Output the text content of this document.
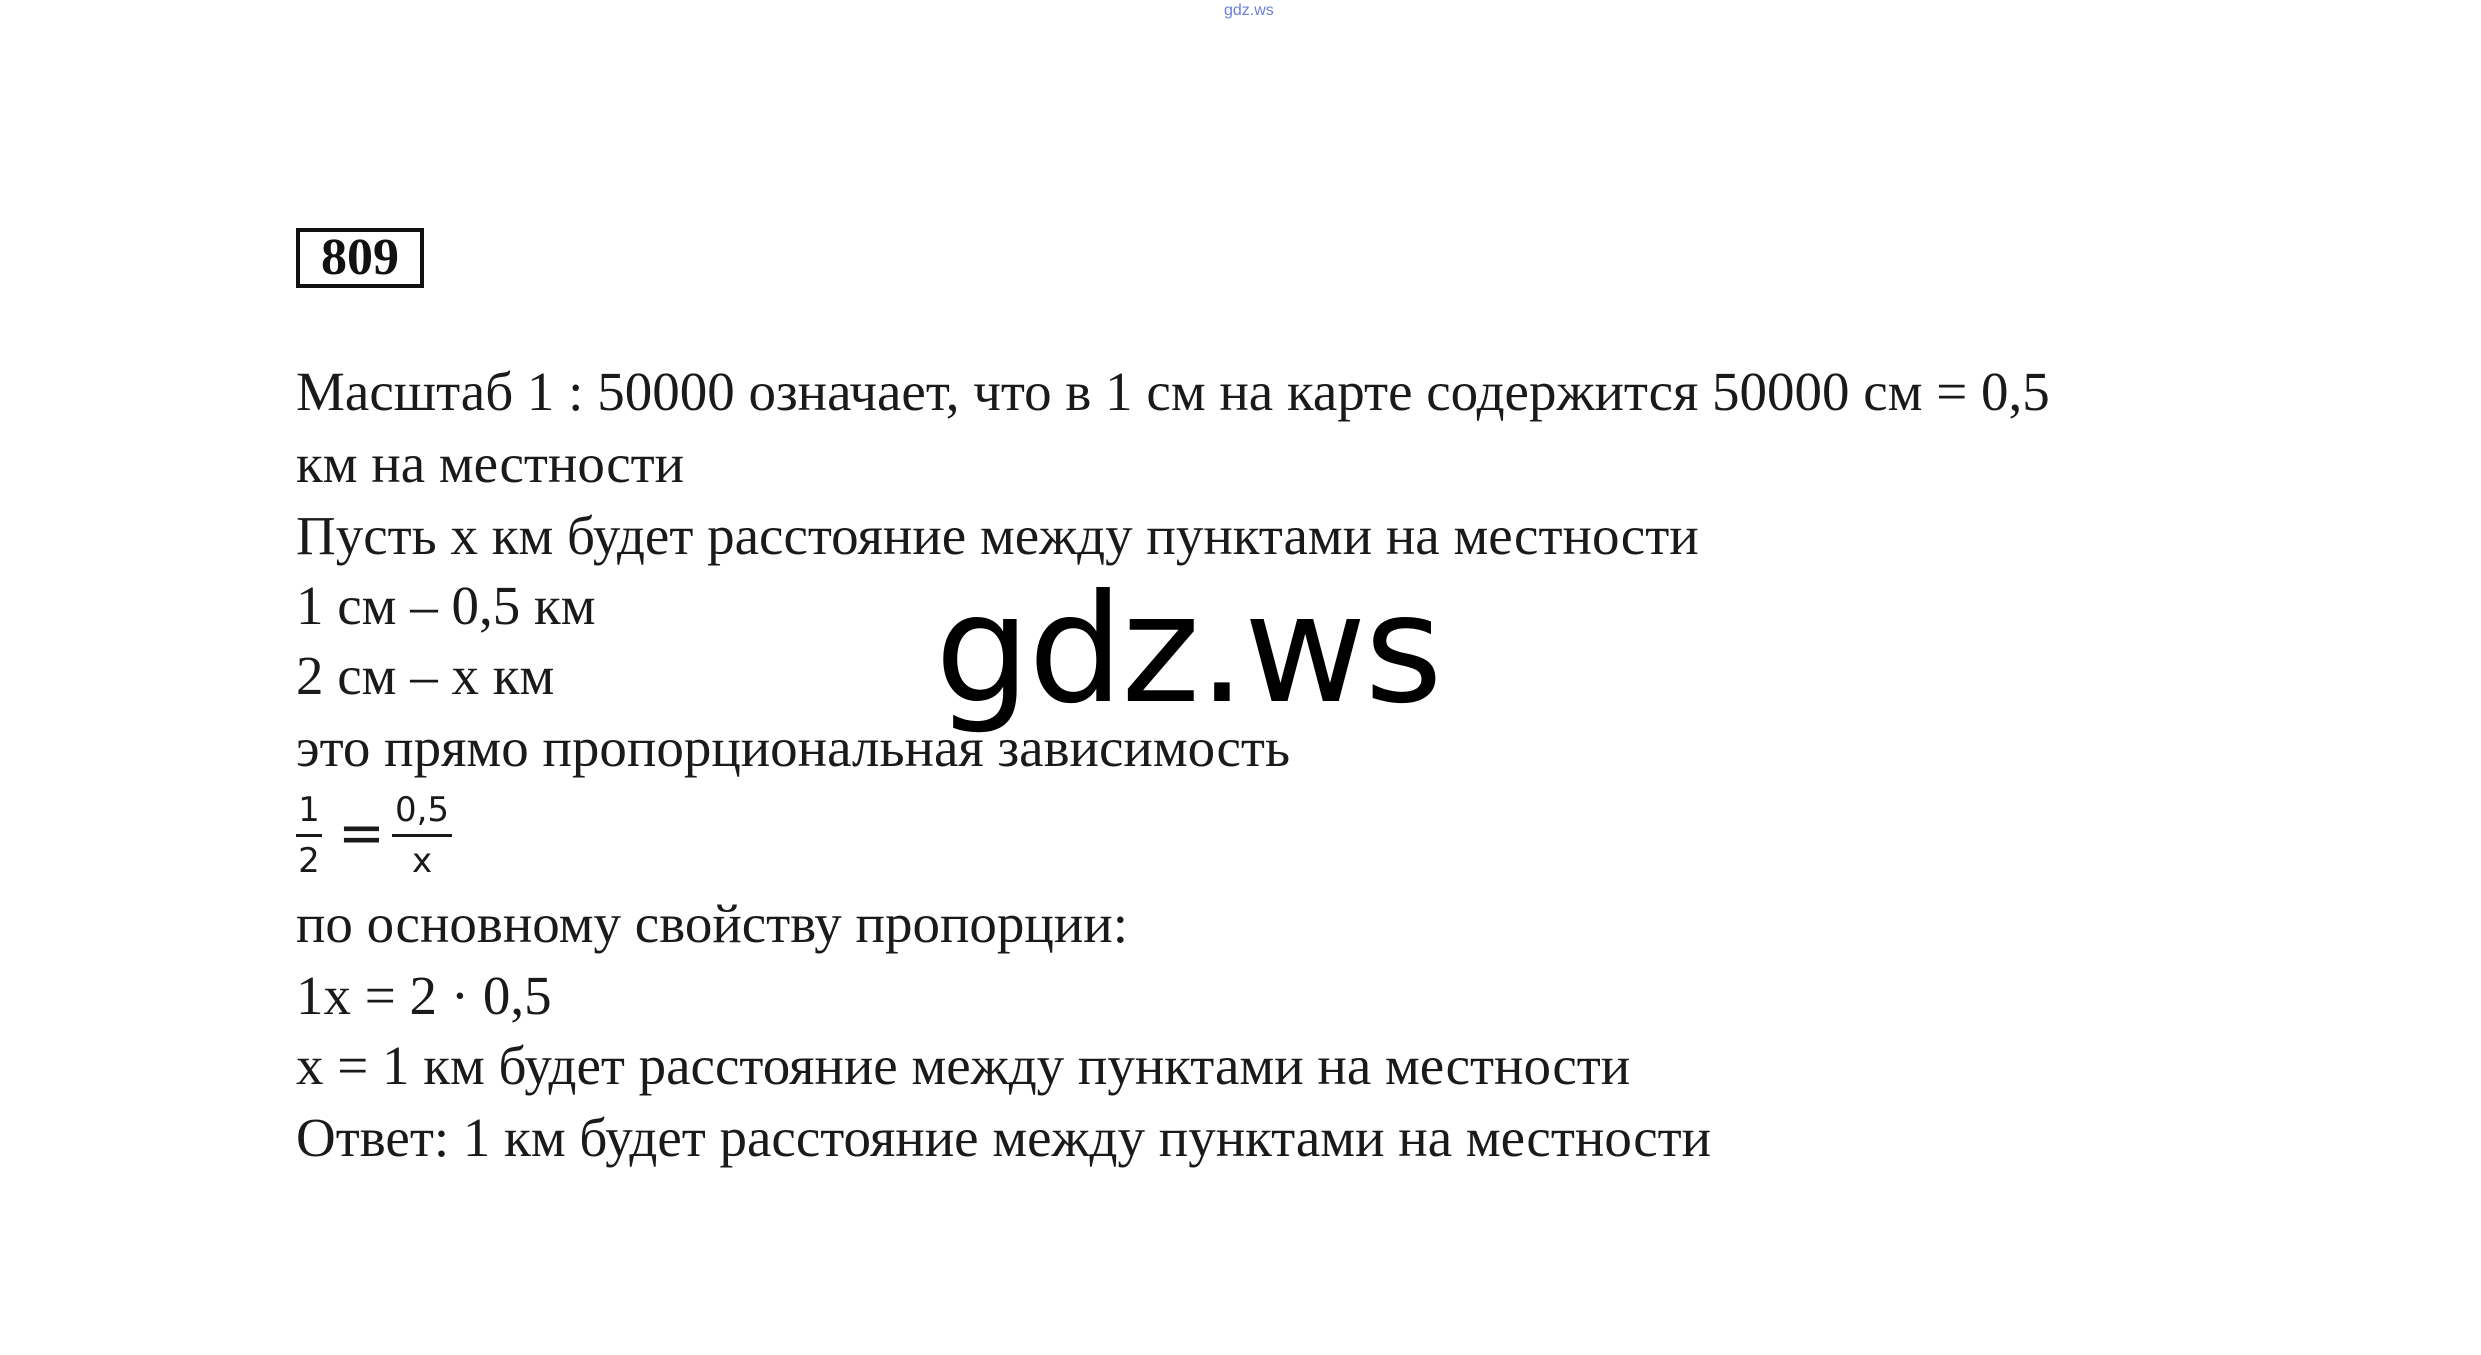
gdz.ws
809
Масштаб 1 : 50000 означает, что в 1 см на карте содержится 50000 см = 0,5
км на местности
Пусть x км будет расстояние между пунктами на местности
1 см – 0,5 км
2 см – x км
это прямо пропорциональная зависимость
1
2 = 0,5
x
по основному свойству пропорции:
1x = 2 · 0,5
x = 1 км будет расстояние между пунктами на местности
Ответ: 1 км будет расстояние между пунктами на местности
gdz.ws
